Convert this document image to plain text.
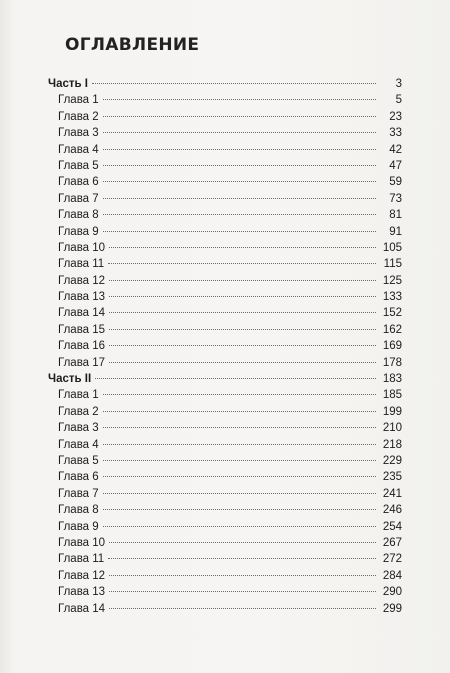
ОГЛАВЛЕНИЕ
Часть I	3
Глава 1	5
Глава 2	23
Глава 3	33
Глава 4	42
Глава 5	47
Глава 6	59
Глава 7	73
Глава 8	81
Глава 9	91
Глава 10	105
Глава 11	115
Глава 12	125
Глава 13	133
Глава 14	152
Глава 15	162
Глава 16	169
Глава 17	178
Часть II	183
Глава 1	185
Глава 2	199
Глава 3	210
Глава 4	218
Глава 5	229
Глава 6	235
Глава 7	241
Глава 8	246
Глава 9	254
Глава 10	267
Глава 11	272
Глава 12	284
Глава 13	290
Глава 14	299
